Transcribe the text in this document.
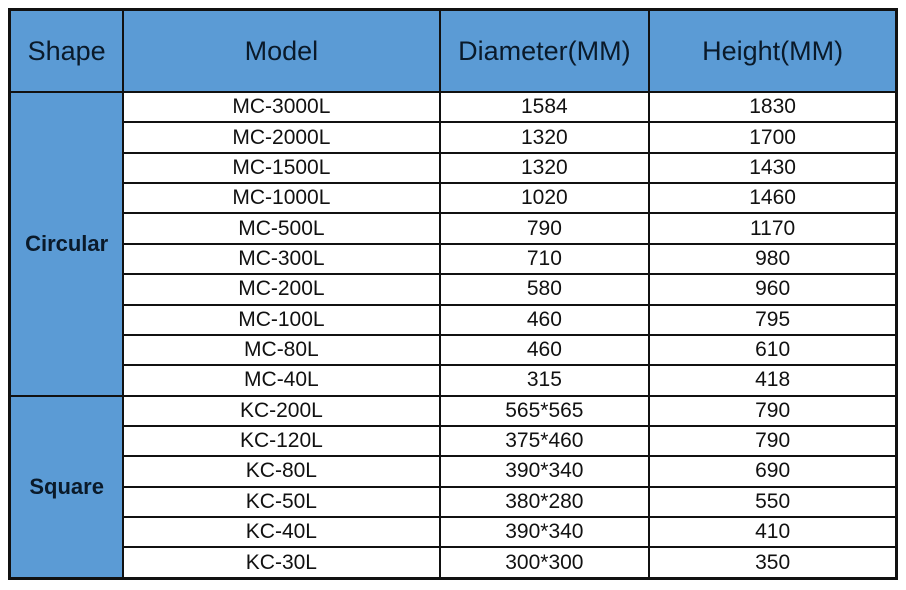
Shape	Model	Diameter(MM)	Height(MM)
Circular	MC-3000L	1584	1830
	MC-2000L	1320	1700
	MC-1500L	1320	1430
	MC-1000L	1020	1460
	MC-500L	790	1170
	MC-300L	710	980
	MC-200L	580	960
	MC-100L	460	795
	MC-80L	460	610
	MC-40L	315	418
Square	KC-200L	565*565	790
	KC-120L	375*460	790
	KC-80L	390*340	690
	KC-50L	380*280	550
	KC-40L	390*340	410
	KC-30L	300*300	350
